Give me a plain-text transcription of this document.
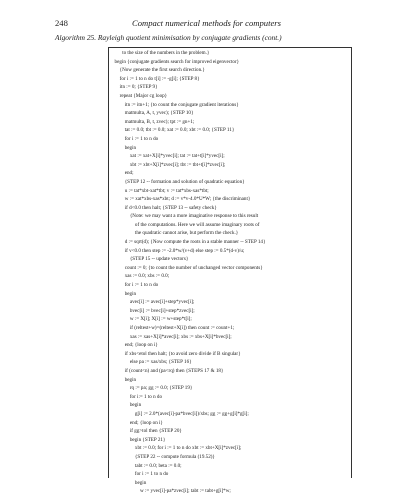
248	Compact numerical methods for computers
Algorithm 25. Rayleigh quotient minimisation by conjugate gradients (cont.)
to the size of the numbers in the problem.}
begin {conjugate gradients search for improved eigenvector}
{Now generate the first search direction.}
for i := 1 to n do t[i] := -g[i]; {STEP 8}
itn := 0; {STEP 9}
repeat {Major cg loop}
itn := itn+1; {to count the conjugate gradient iterations}
matmulta, A, t, yvec); {STEP 10}
matmulta, B, t, zvec); tpt := gn+1;
tat := 0.0; tbt := 0.0; xat := 0.0; xbt := 0.0; {STEP 11}
for i := 1 to n do
begin
xat := xat+X[i]*yvec[i]; tat := tat+t[i]*yvec[i];
xbt := xbt+X[i]*zvec[i]; tbt := tbt+t[i]*zvec[i];
end;
{STEP 12 -- formation and solution of quadratic equation}
u := tat*xbt-xat*tbt; v := tat*xbs-xas*tbt;
w := xat*xbs-xas*xbt; d := v*v-4.0*U*W; {the discriminant}
if d<0.0 then halt; {STEP 13 -- safety check}
{Note: we may want a more imaginative response to this result
of the computations. Here we will assume imaginary roots of
the quadratic cannot arise, but perform the check.}
d := sqrt(d); {Now compute the roots in a stable manner -- STEP 14}
if v<0.0 then step := -2.0*w/(v+d) else step := 0.5*(d-v)/u;
{STEP 15 -- update vectors}
count := 0; {to count the number of unchanged vector components}
xas := 0.0; xbs := 0.0;
for i := 1 to n do
begin
avec[i] := avec[i]+step*yvec[i];
bvec[i] := bvec[i]+step*zvec[i];
w := X[i]; X[i] := w+step*t[i];
if (reltest+w)=(reltest+X[i]) then count := count+1;
xas := xas+X[i]*avec[i]; xbs := xbs+X[i]*bvec[i];
end; {loop on i}
if xbs<etol then halt; {to avoid zero divide if B singular}
else pa := xas/xbs; {STEP 16}
if (count<n) and (pa<rq) then {STEPS 17 & 18}
begin
rq := pa; gg := 0.0; {STEP 19}
for i:= 1 to n do
begin
g[i] := 2.0*(avec[i]-pa*bvec[i])/xbs; gg := gg+g[i]*g[i];
end; {loop on i}
if gg>tol then {STEP 20}
begin {STEP 21}
xbt := 0.0; for i := 1 to n do xbt := xbt+X[i]*zvec[i];
{STEP 22 -- compute formula (19.52)}
tabt := 0.0; beta := 0.0;
for i := 1 to n do
begin
w := yvec[i]-pa*zvec[i]; tabt := tabt+g[i]*w;
